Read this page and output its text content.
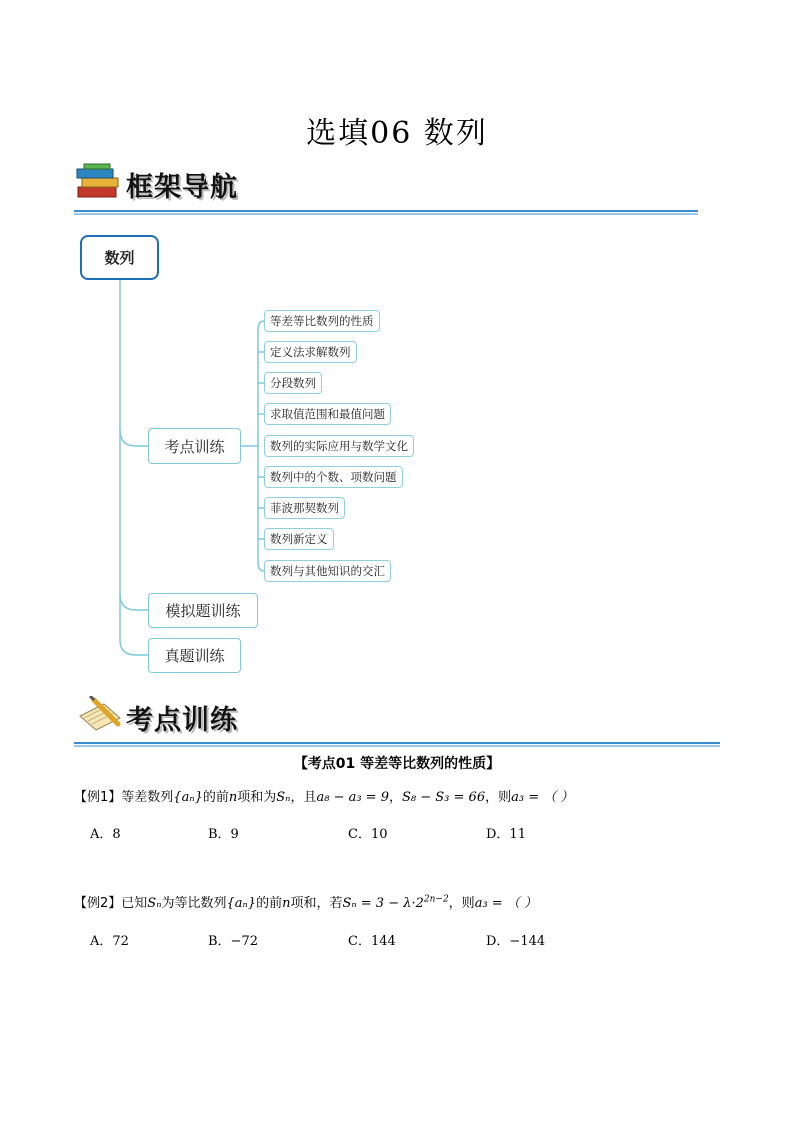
选填06 数列
框架导航
数列
考点训练
模拟题训练
真题训练
等差等比数列的性质
定义法求解数列
分段数列
求取值范围和最值问题
数列的实际应用与数学文化
数列中的个数、项数问题
菲波那契数列
数列新定义
数列与其他知识的交汇
考点训练
【考点01 等差等比数列的性质】
【例1】等差数列{aₙ}的前n项和为Sₙ，且a₈ − a₃ = 9，S₈ − S₃ = 66，则a₃ = （ ）
A．8	B．9	C．10	D．11
【例2】已知Sₙ为等比数列{aₙ}的前n项和，若$S_n = 3 - \lambda\cdot 2^{2n-2}$，则a₃ = （ ）
A．72	B．−72	C．144	D．−144
